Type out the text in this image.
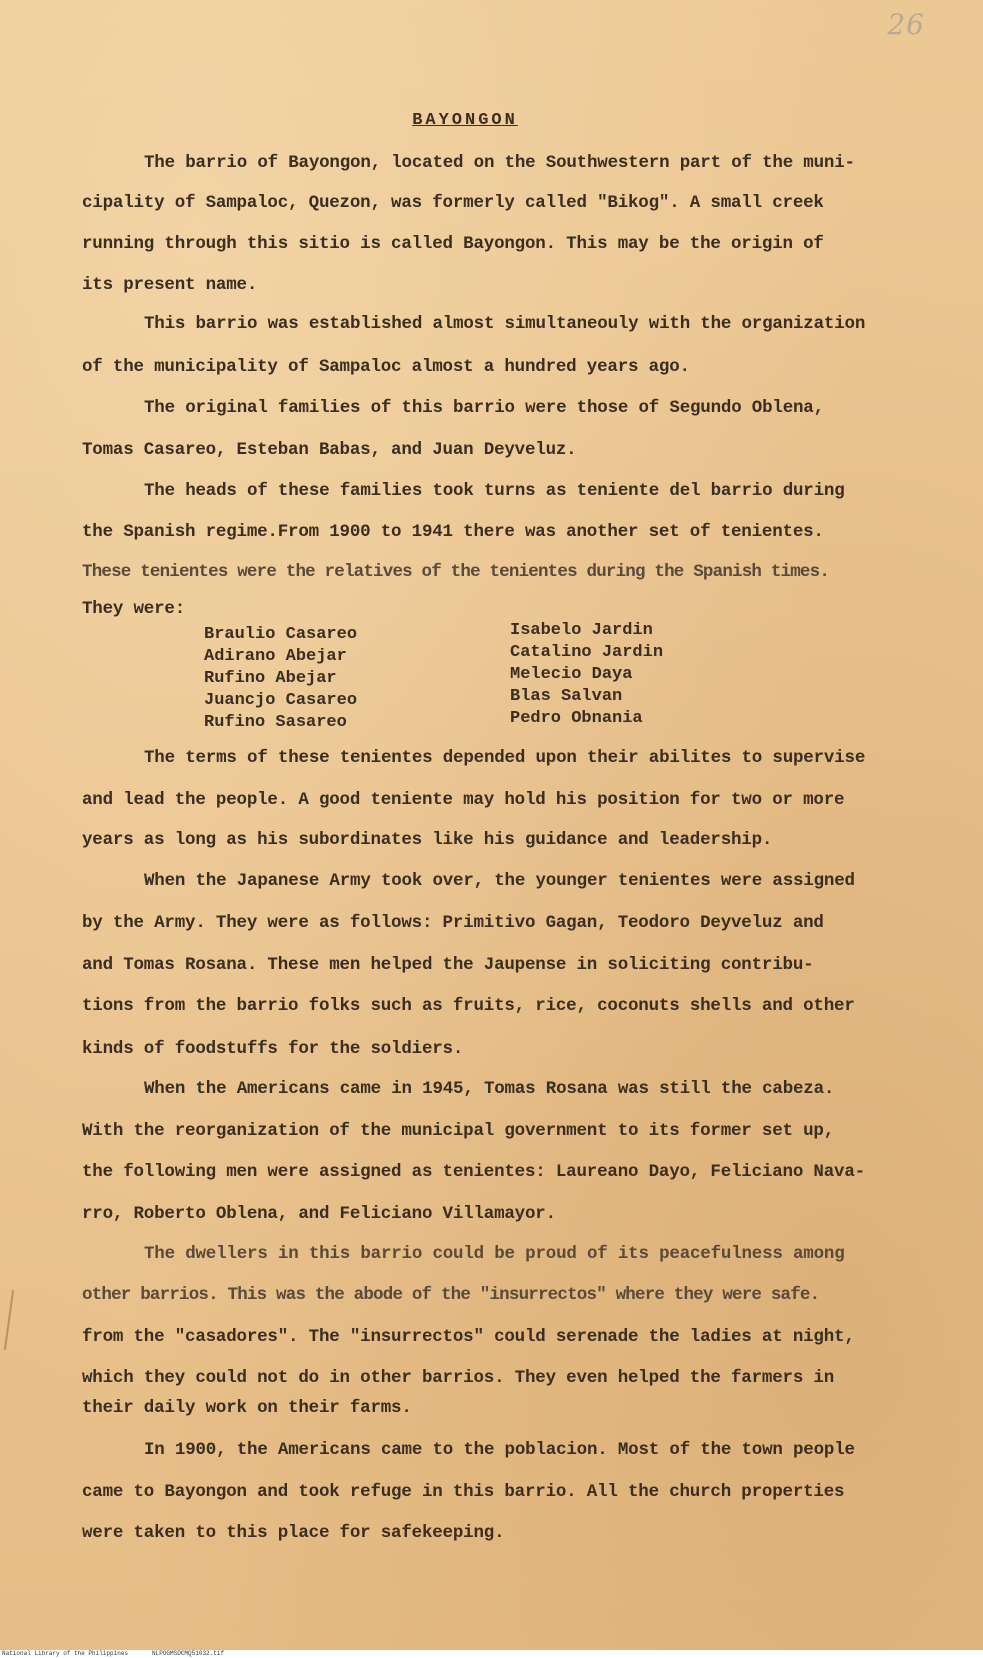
26
BAYONGON
The barrio of Bayongon, located on the Southwestern part of the muni-
cipality of Sampaloc, Quezon, was formerly called "Bikog". A small creek
running through this sitio is called Bayongon. This may be the origin of
its present name.
This barrio was established almost simultaneouly with the organization
of the municipality of Sampaloc almost a hundred years ago.
The original families of this barrio were those of Segundo Oblena,
Tomas Casareo, Esteban Babas, and Juan Deyveluz.
The heads of these families took turns as teniente del barrio during
the Spanish regime.From 1900 to 1941 there was another set of tenientes.
These tenientes were the relatives of the tenientes during the Spanish times.
They were:
Braulio Casareo
Adirano Abejar
Rufino Abejar
Juancjo Casareo
Rufino Sasareo
Isabelo Jardin
Catalino Jardin
Melecio Daya
Blas Salvan
Pedro Obnania
The terms of these tenientes depended upon their abilites to supervise
and lead the people. A good teniente may hold his position for two or more
years as long as his subordinates like his guidance and leadership.
When the Japanese Army took over, the younger tenientes were assigned
by the Army. They were as follows: Primitivo Gagan, Teodoro Deyveluz and
and Tomas Rosana. These men helped the Jaupense in soliciting contribu-
tions from the barrio folks such as fruits, rice, coconuts shells and other
kinds of foodstuffs for the soldiers.
When the Americans came in 1945, Tomas Rosana was still the cabeza.
With the reorganization of the municipal government to its former set up,
the following men were assigned as tenientes: Laureano Dayo, Feliciano Nava-
rro, Roberto Oblena, and Feliciano Villamayor.
The dwellers in this barrio could be proud of its peacefulness among
other barrios. This was the abode of the "insurrectos" where they were safe.
from the "casadores". The "insurrectos" could serenade the ladies at night,
which they could not do in other barrios. They even helped the farmers in
their daily work on their farms.
In 1900, the Americans came to the poblacion. Most of the town people
came to Bayongon and took refuge in this barrio. All the church properties
were taken to this place for safekeeping.
National Library of the Philippines	NLPOGMSDCMQ51032.tif
